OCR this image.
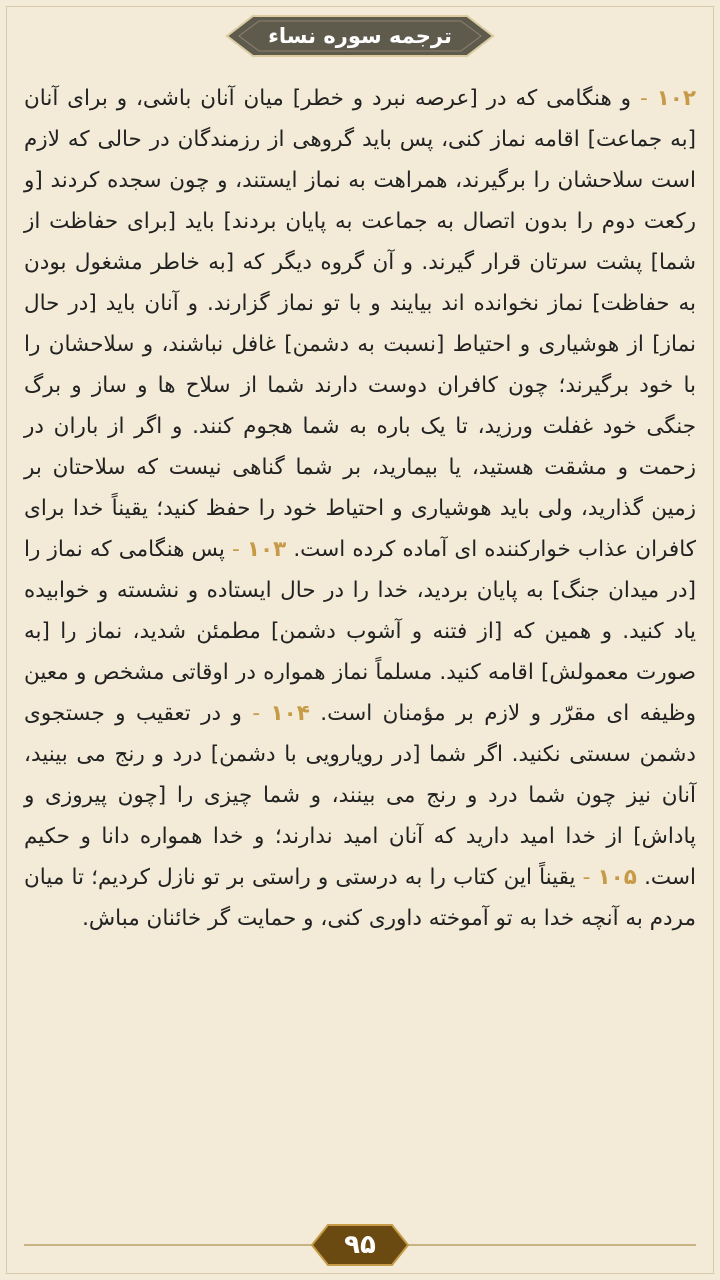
ترجمه سوره نساء
۱۰۲ - و هنگامی که در [عرصه نبرد و خطر] میان آنان باشی، و برای آنان [به جماعت] اقامه نماز کنی، پس باید گروهی از رزمندگان در حالی که لازم است سلاحشان را برگیرند، همراهت به نماز ایستند، و چون سجده کردند [و رکعت دوم را بدون اتصال به جماعت به پایان بردند] باید [برای حفاظت از شما] پشت سرتان قرار گیرند. و آن گروه دیگر که [به خاطر مشغول بودن به حفاظت] نماز نخوانده اند بیایند و با تو نماز گزارند. و آنان باید [در حال نماز] از هوشیاری و احتیاط [نسبت به دشمن] غافل نباشند، و سلاحشان را با خود برگیرند؛ چون کافران دوست دارند شما از سلاح ها و ساز و برگ جنگی خود غفلت ورزید، تا یک باره به شما هجوم کنند. و اگر از باران در زحمت و مشقت هستید، یا بیمارید، بر شما گناهی نیست که سلاحتان بر زمین گذارید، ولی باید هوشیاری و احتیاط خود را حفظ کنید؛ یقیناً خدا برای کافران عذاب خوارکننده ای آماده کرده است. ۱۰۳ - پس هنگامی که نماز را [در میدان جنگ] به پایان بردید، خدا را در حال ایستاده و نشسته و خوابیده یاد کنید. و همین که [از فتنه و آشوب دشمن] مطمئن شدید، نماز را [به صورت معمولش] اقامه کنید. مسلماً نماز همواره در اوقاتی مشخص و معین وظیفه ای مقرّر و لازم بر مؤمنان است. ۱۰۴ - و در تعقیب و جستجوی دشمن سستی نکنید. اگر شما [در رویارویی با دشمن] درد و رنج می بینید، آنان نیز چون شما درد و رنج می بینند، و شما چیزی را [چون پیروزی و پاداش] از خدا امید دارید که آنان امید ندارند؛ و خدا همواره دانا و حکیم است. ۱۰۵ - یقیناً این کتاب را به درستی و راستی بر تو نازل کردیم؛ تا میان مردم به آنچه خدا به تو آموخته داوری کنی، و حمایت گر خائنان مباش.
۹۵
